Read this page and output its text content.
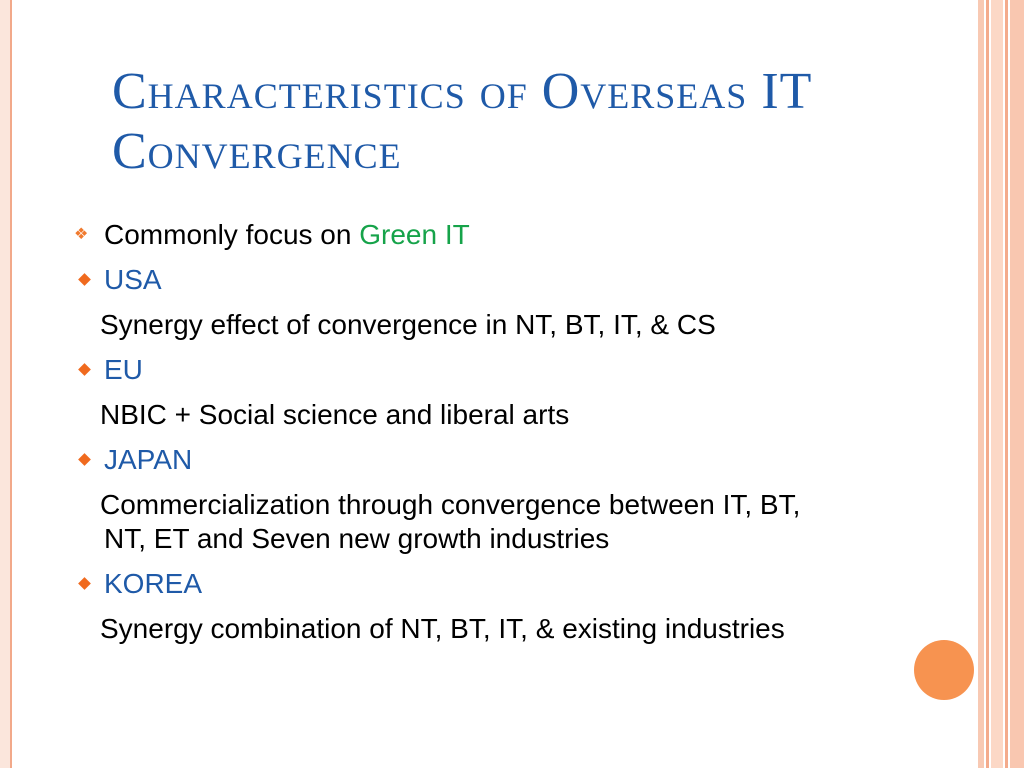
Characteristics of Overseas IT Convergence
❖ Commonly focus on Green IT
USA
Synergy effect of convergence in NT, BT, IT, & CS
EU
NBIC + Social science and liberal arts
JAPAN
Commercialization through convergence between IT, BT,
NT, ET and Seven new growth industries
KOREA
Synergy combination of NT, BT, IT, & existing industries
